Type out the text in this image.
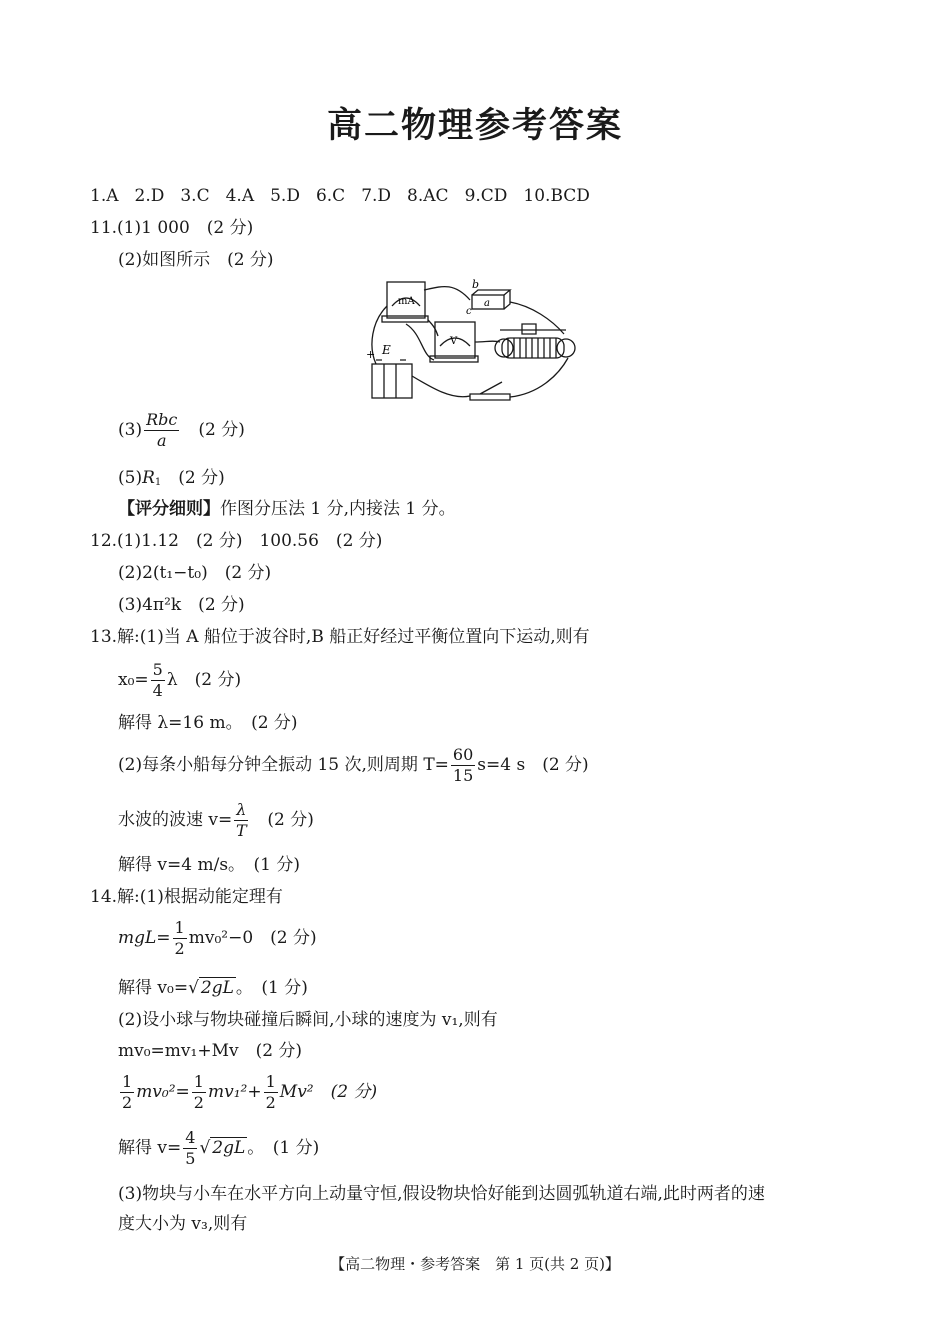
高二物理参考答案
1.A 2.D 3.C 4.A 5.D 6.C 7.D 8.AC 9.CD 10.BCD
11.(1)1 000　(2 分)
(2)如图所示　(2 分)
mA
V
b
a
c
E
+
$(3) \frac{\text{Rbc}}{a}$
　 (2 分)
$(5)R_1$　 (2 分)
【评分细则】作图分压法 1 分,内接法 1 分。
12.(1)1.12　(2 分)　100.56　(2 分)
(2)2(t₁−t₀)　(2 分)
(3)4π²k　(2 分)
13.解:(1)当 A 船位于波谷时,B 船正好经过平衡位置向下运动,则有
$x_0= \frac{5}{4}$ λ　(2 分)
解得 λ=16 m。　(2 分)
(2)每条小船每分钟全振动 15 次,则周期 $T= \frac{60}{15} s=4$ s　(2 分)
水波的波速 $v= \frac{\lambda}{T}$
　 (2 分)
解得 v=4 m/s。　(1 分)
14.解:(1)根据动能定理有
$mgL= \frac{1}{2} mv_0^2-0$　(2 分)
解得 v₀=√ 2gL 。　(1 分)
(2)设小球与物块碰撞后瞬间,小球的速度为 v₁,则有
mv₀=mv₁+Mv　(2 分)
$\frac{1}{2} mv_0^2= \frac{1}{2} mv_1^2+ \frac{1}{2} Mv^2$　(2 分)
解得 $v= \frac{4}{5}$ √ 2gL 。　(1 分)
(3)物块与小车在水平方向上动量守恒,假设物块恰好能到达圆弧轨道右端,此时两者的速
度大小为 v₃,则有
【高二物理・参考答案　第 1 页(共 2 页)】
